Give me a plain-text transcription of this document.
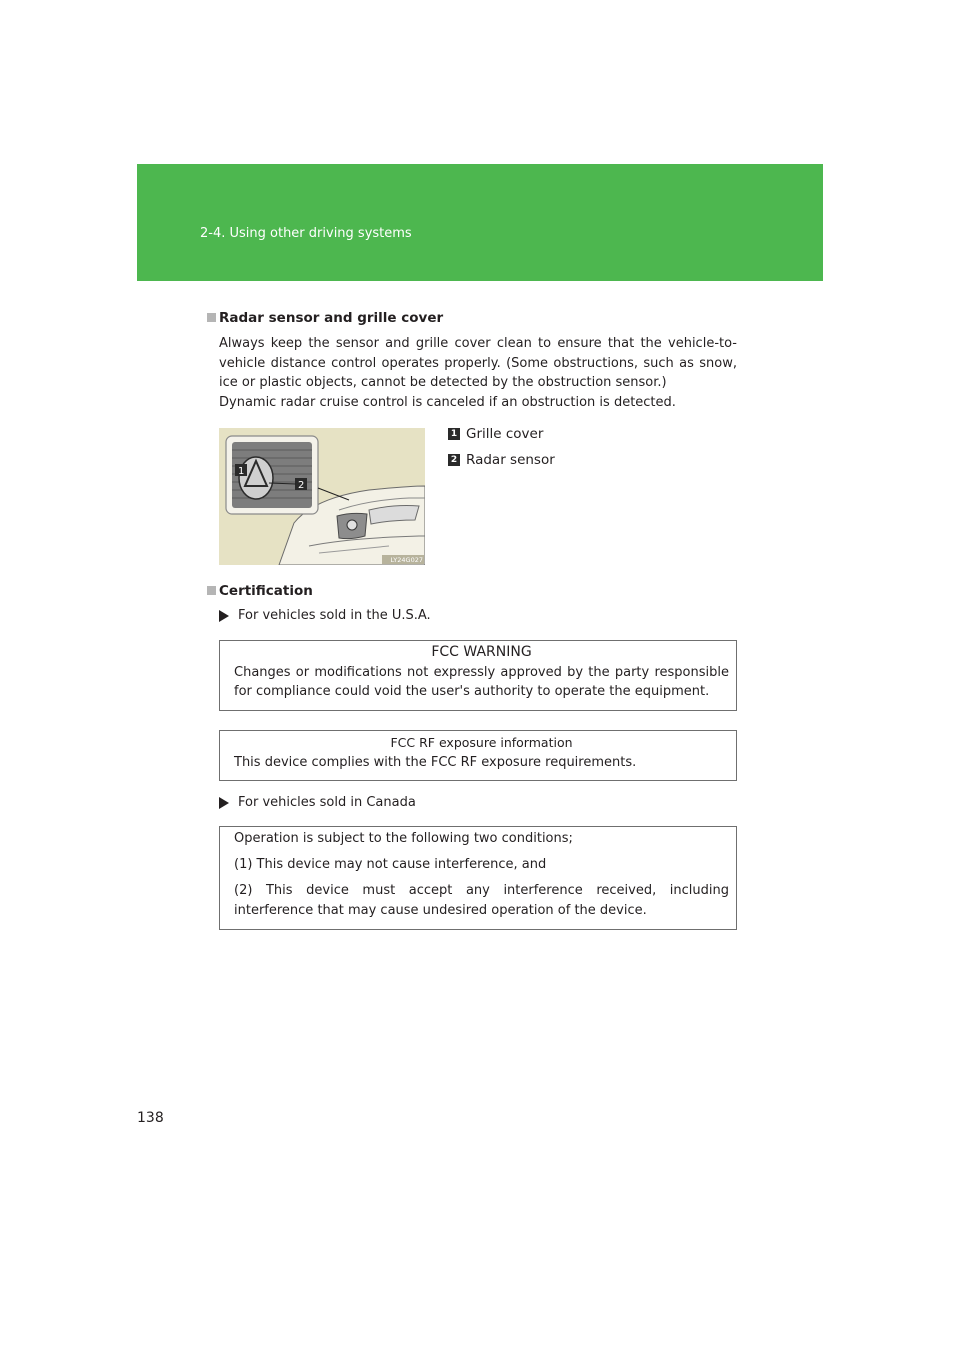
2-4. Using other driving systems
Radar sensor and grille cover
Always keep the sensor and grille cover clean to ensure that the vehicle-to-vehicle distance control operates properly. (Some obstructions, such as snow, ice or plastic objects, cannot be detected by the obstruction sensor.)
Dynamic radar cruise control is canceled if an obstruction is detected.
1
2
LY24G027
1 Grille cover
2 Radar sensor
Certification
For vehicles sold in the U.S.A.
FCC WARNING
Changes or modifications not expressly approved by the party responsible for compliance could void the user's authority to operate the equipment.
FCC RF exposure information
This device complies with the FCC RF exposure requirements.
For vehicles sold in Canada
Operation is subject to the following two conditions;
(1) This device may not cause interference, and
(2) This device must accept any interference received, including interference that may cause undesired operation of the device.
138
